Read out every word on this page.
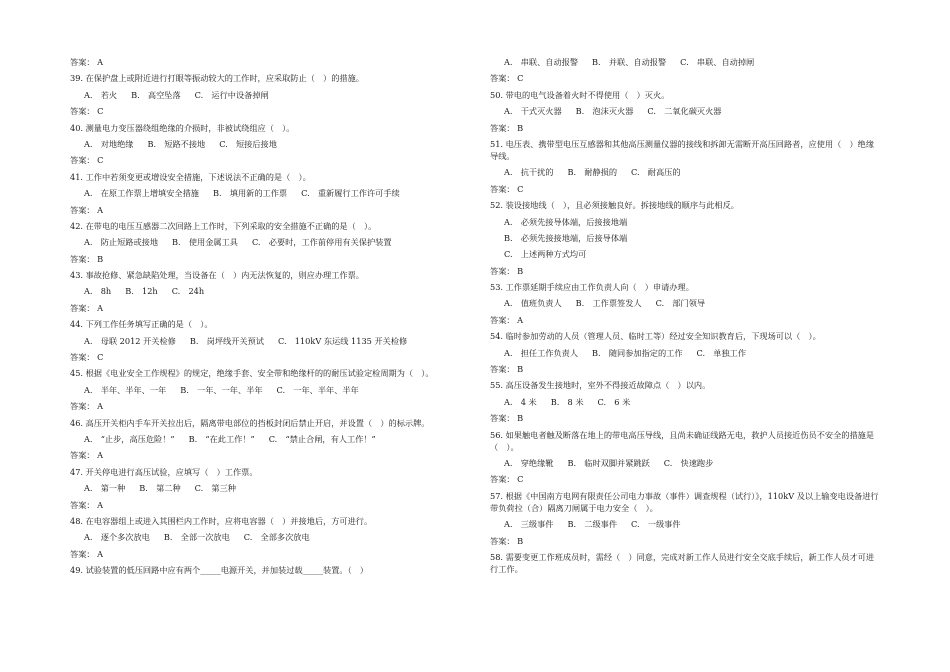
答案： A

39. 在保护盘上或附近进行打眼等振动较大的工作时，应采取防止（　）的措施。

A.　若火 B.　高空坠落 C.　运行中设备掉闸

答案： C

40. 测量电力变压器绕组绝缘的介损时，非被试绕组应（　）。

A.　对地绝缘 B.　短路不接地 C.　短接后接地

答案： C

41. 工作中若须变更或增设安全措施，下述说法不正确的是（　）。

A.　在原工作票上增填安全措施 B.　填用新的工作票 C.　重新履行工作许可手续

答案： A

42. 在带电的电压互感器二次回路上工作时，下列采取的安全措施不正确的是（　）。

A.　防止短路或接地 B.　使用金属工具 C.　必要时，工作前停用有关保护装置

答案： B

43. 事故抢修、紧急缺陷处理，当设备在（　）内无法恢复的，则应办理工作票。

A.　8h B.　12h C.　24h

答案： A

44. 下列工作任务填写正确的是（　）。

A.　母联 2012 开关检修 B.　岗坪线开关预试 C.　110kV 东运线 1135 开关检修

答案： C

45. 根据《电业安全工作规程》的规定，绝缘手套、安全带和绝缘杆的的耐压试验定检周期为（　）。

A.　半年、半年、一年 B.　一年、一年、半年 C.　一年、半年、半年

答案： A

46. 高压开关柜内手车开关拉出后，隔离带电部位的挡板封闭后禁止开启，并设置（　）的标示牌。

A.　“止步，高压危险！” B.　“在此工作！” C.　“禁止合闸，有人工作！”

答案： A

47. 开关停电进行高压试验，应填写（　）工作票。

A.　第一种 B.　第二种 C.　第三种

答案： A

48. 在电容器组上或进入其围栏内工作时，应将电容器（　）并接地后，方可进行。

A.　逐个多次放电 B.　全部一次放电 C.　全部多次放电

答案： A

49. 试验装置的低压回路中应有两个_____电源开关，并加装过载_____装置。（　）

A.　串联、自动报警 B.　并联、自动报警 C.　串联、自动掉闸

答案： C

50. 带电的电气设备着火时不得使用（　）灭火。

A.　干式灭火器 B.　泡沫灭火器 C.　二氧化碳灭火器

答案： B

51. 电压表、携带型电压互感器和其他高压测量仪器的接线和拆卸无需断开高压回路者，应使用（　）绝缘导线。

A.　抗干扰的 B.　耐静损的 C.　耐高压的

答案： C

52. 装设接地线（　），且必须接触良好。拆接地线的顺序与此相反。

A.　必须先接导体端，后接接地端

B.　必须先接接地端，后接导体端

C.　上述两种方式均可

答案： B

53. 工作票延期手续应由工作负责人向（　）申请办理。

A.　值班负责人 B.　工作票签发人 C.　部门领导

答案： A

54. 临时参加劳动的人员（管理人员、临时工等）经过安全知识教育后，下现场可以（　）。

A.　担任工作负责人 B.　随同参加指定的工作 C.　单独工作

答案： B

55. 高压设备发生接地时，室外不得接近故障点（　）以内。

A.　4 米 B.　8 米 C.　6 米

答案： B

56. 如果触电者触及断落在地上的带电高压导线，且尚未确证线路无电，救护人员接近伤员不安全的措施是（　）。

A.　穿绝缘靴 B.　临时双脚并紧跳跃 C.　快速跑步

答案： C

57. 根据《中国南方电网有限责任公司电力事故（事件）调查规程（试行）》，110kV 及以上输变电设备进行带负荷拉（合）隔离刀闸属于电力安全（　）。

A.　三级事件 B.　二级事件 C.　一级事件

答案： B

58. 需要变更工作班成员时，需经（　）同意，完成对新工作人员进行安全交底手续后，新工作人员才可进行工作。
